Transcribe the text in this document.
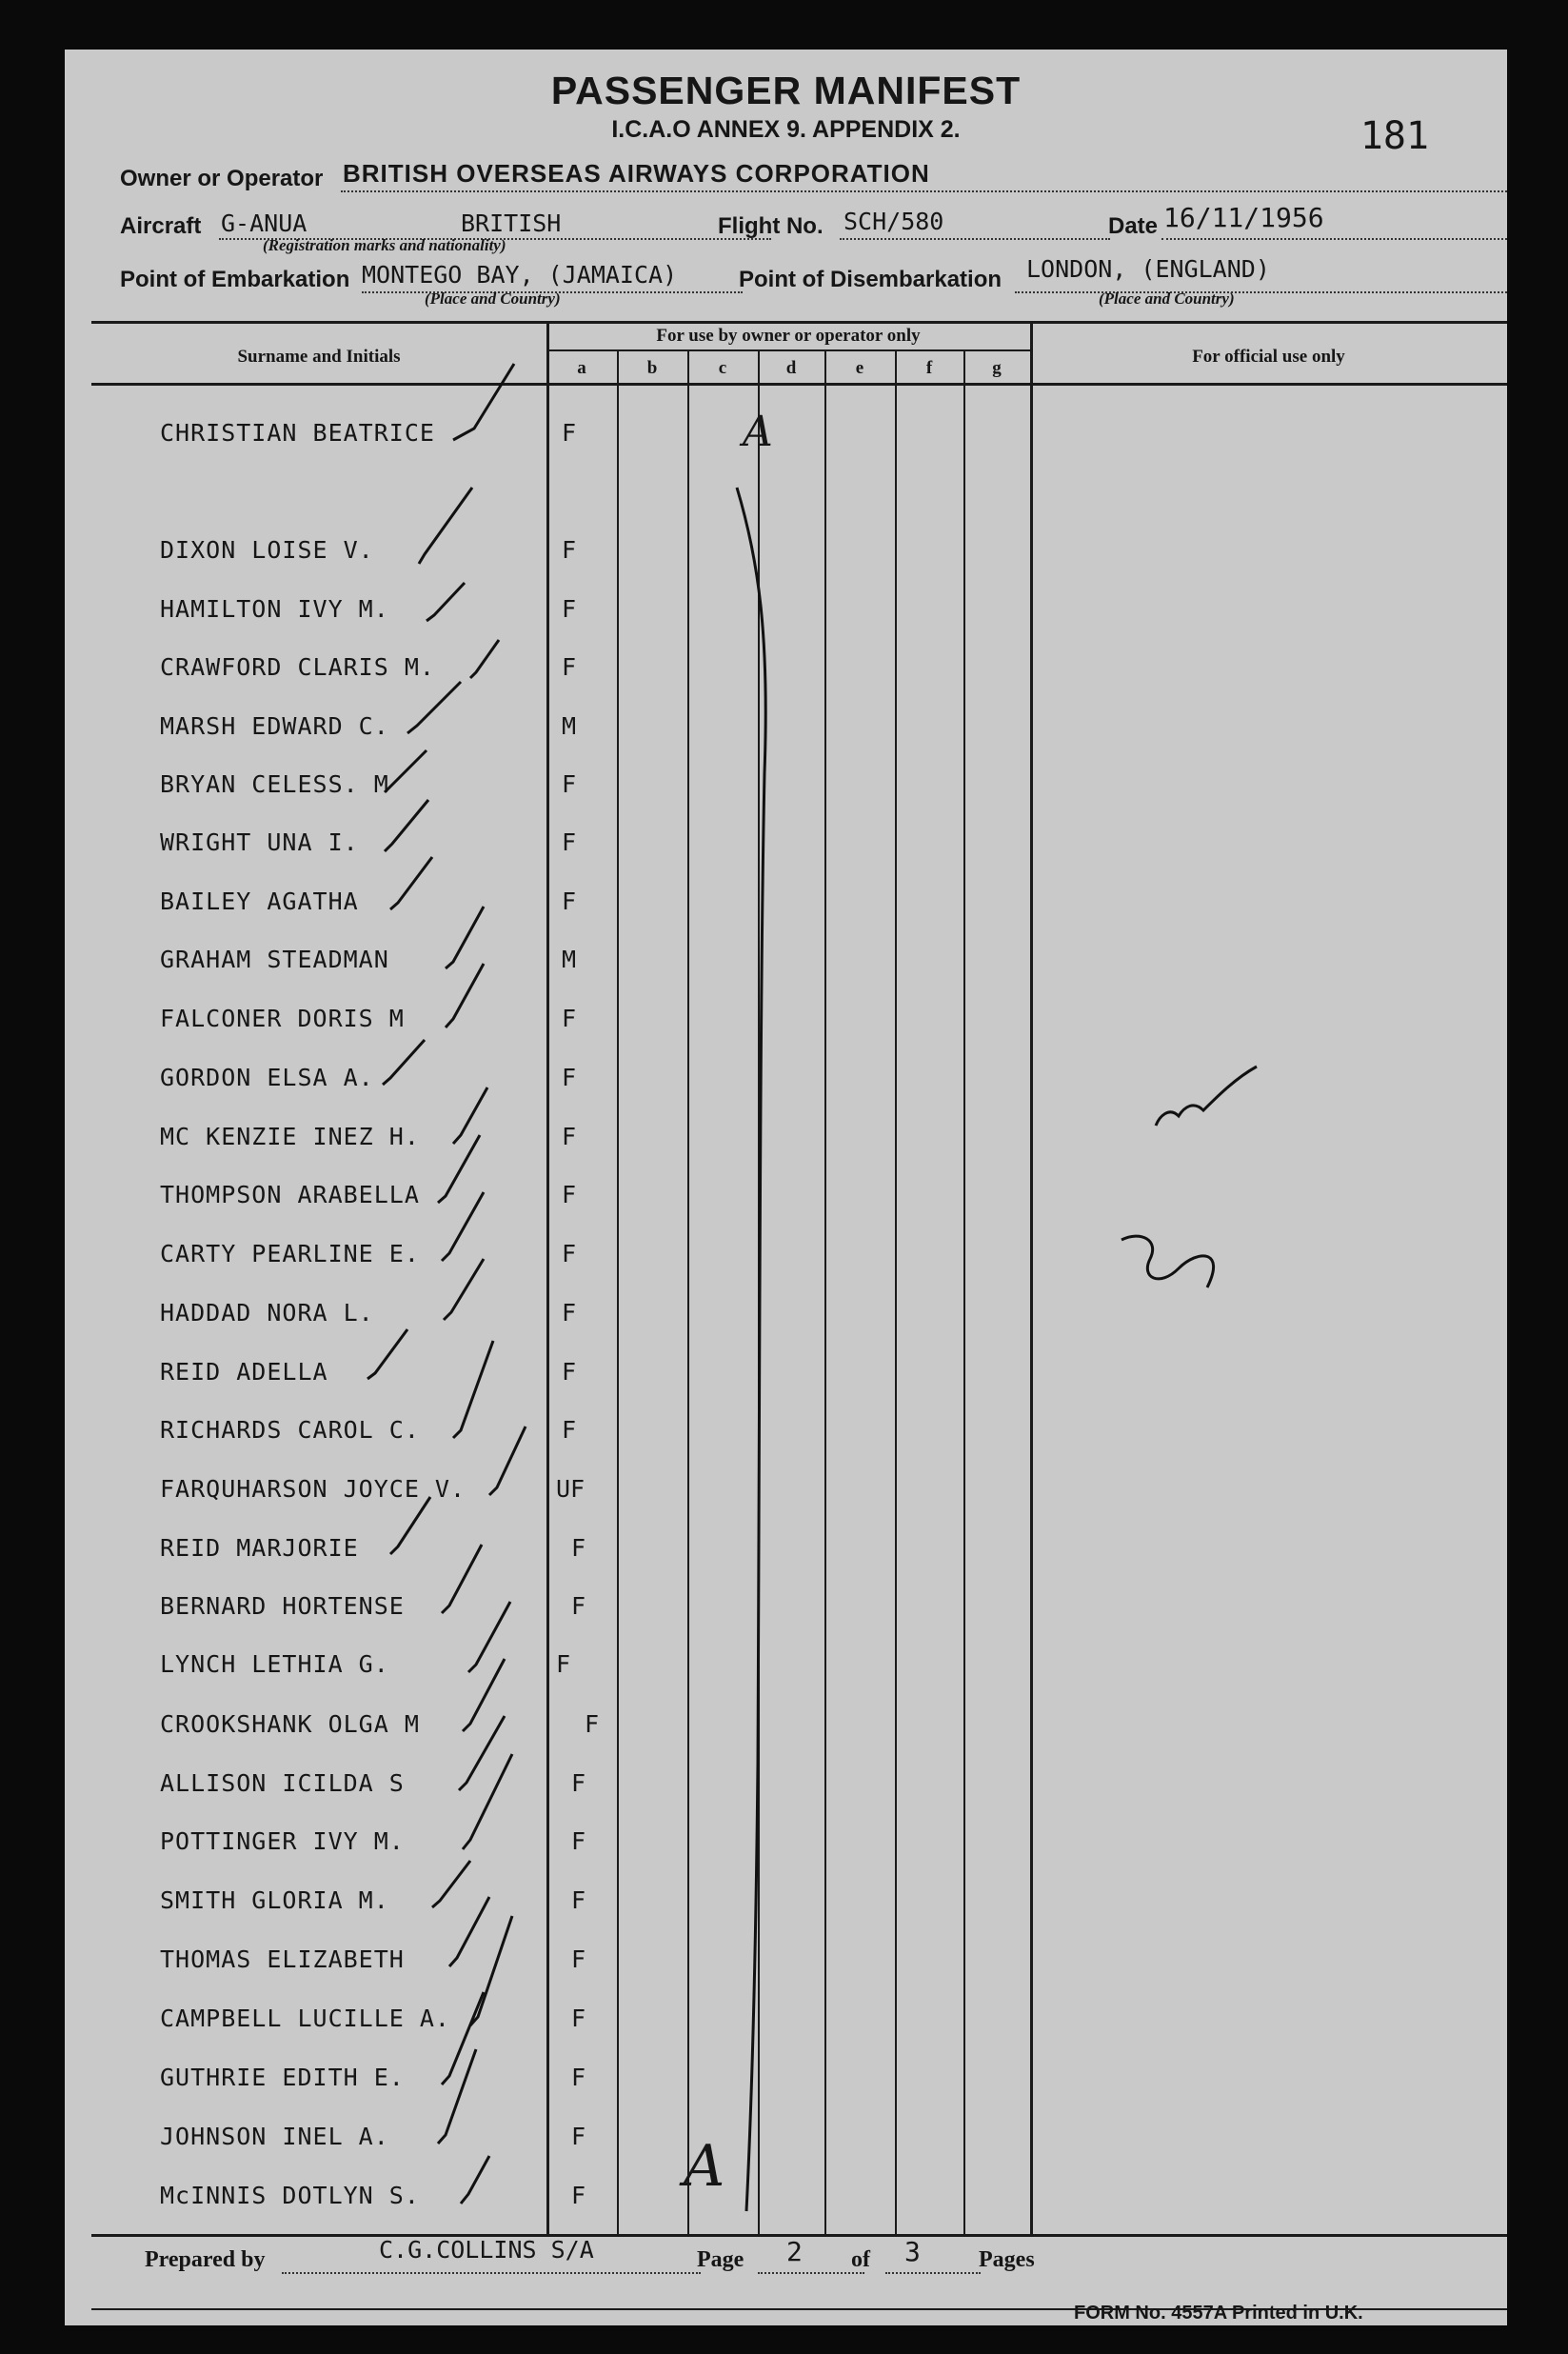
PASSENGER MANIFEST
I.C.A.O ANNEX 9. APPENDIX 2.	181
Owner or Operator BRITISH OVERSEAS AIRWAYS CORPORATION
Aircraft G-ANUA	BRITISH
(Registration marks and nationality)
Flight No. SCH/580	Date 16/11/1956
Point of Embarkation MONTEGO BAY, (JAMAICA)
(Place and Country)
Point of Disembarkation LONDON, (ENGLAND)
(Place and Country)
Surname and Initials
For use by owner or operator only
For official use only
a	b	c	d	e	f	g
CHRISTIAN BEATRICE	F
DIXON LOISE V.	F
HAMILTON IVY M.	F
CRAWFORD CLARIS M.	F
MARSH EDWARD C.	M
BRYAN CELESS. M	F
WRIGHT UNA I.	F
BAILEY AGATHA	F
GRAHAM STEADMAN	M
FALCONER DORIS M	F
GORDON ELSA A.	F
MC KENZIE INEZ H.	F
THOMPSON ARABELLA	F
CARTY PEARLINE E.	F
HADDAD NORA L.	F
REID ADELLA	F
RICHARDS CAROL C.	F
FARQUHARSON JOYCE V.	UF
REID MARJORIE	F
BERNARD HORTENSE	F
LYNCH LETHIA G.	F
CROOKSHANK OLGA M	F
ALLISON ICILDA S	F
POTTINGER IVY M.	F
SMITH GLORIA M.	F
THOMAS ELIZABETH	F
CAMPBELL LUCILLE A.	F
GUTHRIE EDITH E.	F
JOHNSON INEL A.	F
McINNIS DOTLYN S.	F
A
A
Prepared by	C.G.COLLINS S/A	Page 2 of 3	Pages
FORM No. 4557A Printed in U.K.
